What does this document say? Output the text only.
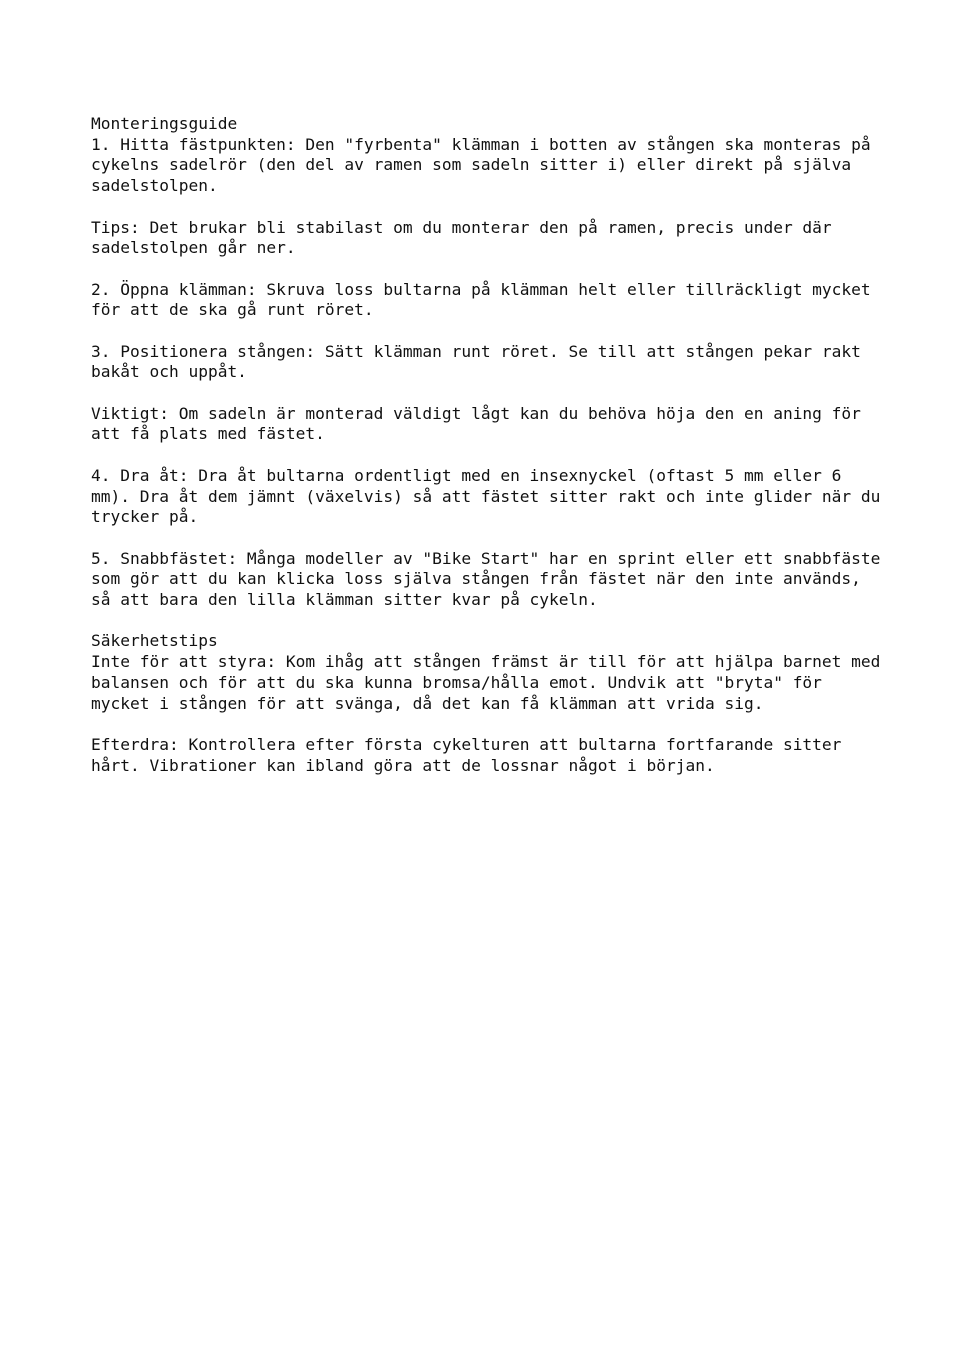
Monteringsguide

1. Hitta fästpunkten: Den "fyrbenta" klämman i botten av stången ska monteras på cykelns sadelrör (den del av ramen som sadeln sitter i) eller direkt på själva sadelstolpen.

Tips: Det brukar bli stabilast om du monterar den på ramen, precis under där sadelstolpen går ner.

2. Öppna klämman: Skruva loss bultarna på klämman helt eller tillräckligt mycket för att de ska gå runt röret.

3. Positionera stången: Sätt klämman runt röret. Se till att stången pekar rakt bakåt och uppåt.

Viktigt: Om sadeln är monterad väldigt lågt kan du behöva höja den en aning för att få plats med fästet.

4. Dra åt: Dra åt bultarna ordentligt med en insexnyckel (oftast 5 mm eller 6 mm). Dra åt dem jämnt (växelvis) så att fästet sitter rakt och inte glider när du trycker på.

5. Snabbfästet: Många modeller av "Bike Start" har en sprint eller ett snabbfäste som gör att du kan klicka loss själva stången från fästet när den inte används, så att bara den lilla klämman sitter kvar på cykeln.

Säkerhetstips

Inte för att styra: Kom ihåg att stången främst är till för att hjälpa barnet med balansen och för att du ska kunna bromsa/hålla emot. Undvik att "bryta" för mycket i stången för att svänga, då det kan få klämman att vrida sig.

Efterdra: Kontrollera efter första cykelturen att bultarna fortfarande sitter hårt. Vibrationer kan ibland göra att de lossnar något i början.
